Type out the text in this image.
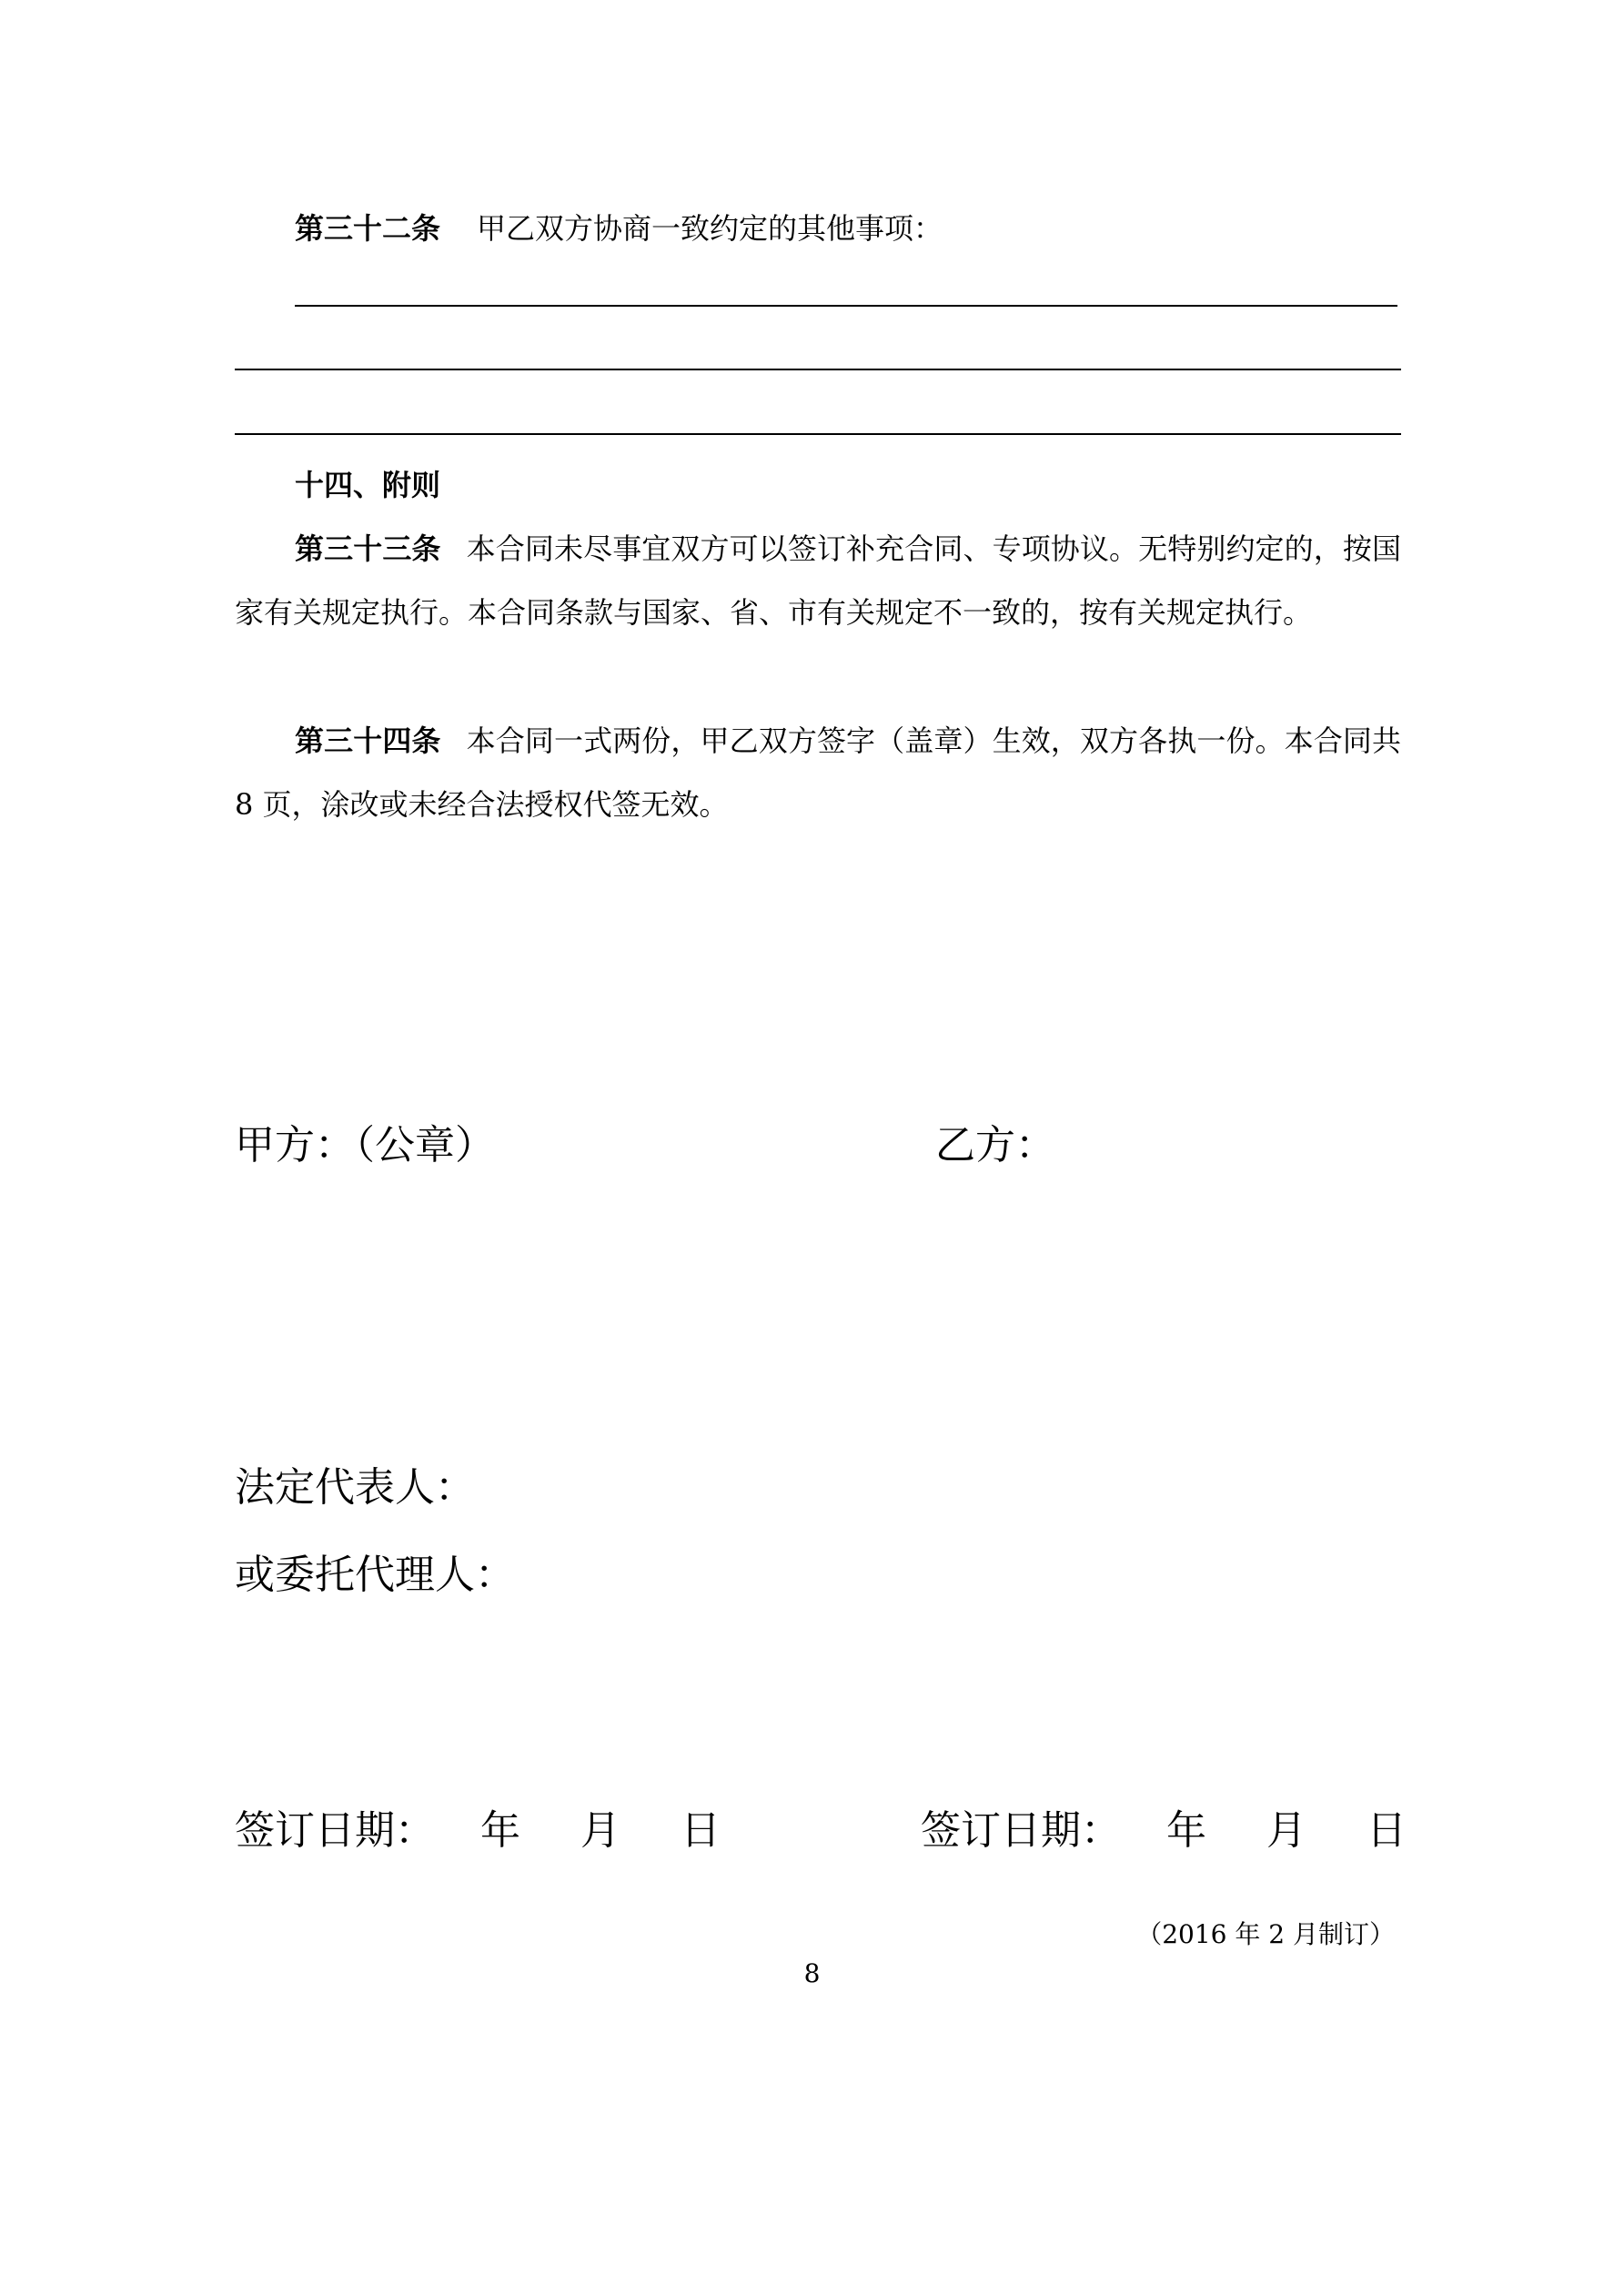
第三十二条 甲乙双方协商一致约定的其他事项：
十四、附则
第三十三条 本合同未尽事宜双方可以签订补充合同、专项协议。无特别约定的，按国家有关规定执行。本合同条款与国家、省、市有关规定不一致的，按有关规定执行。
第三十四条 本合同一式两份，甲乙双方签字（盖章）生效，双方各执一份。本合同共 8 页，涂改或未经合法授权代签无效。
甲方：（公章）	乙方：
法定代表人：
或委托代理人：
签订日期： 年 月 日	签订日期： 年 月 日
（2016 年 2 月制订）
8
